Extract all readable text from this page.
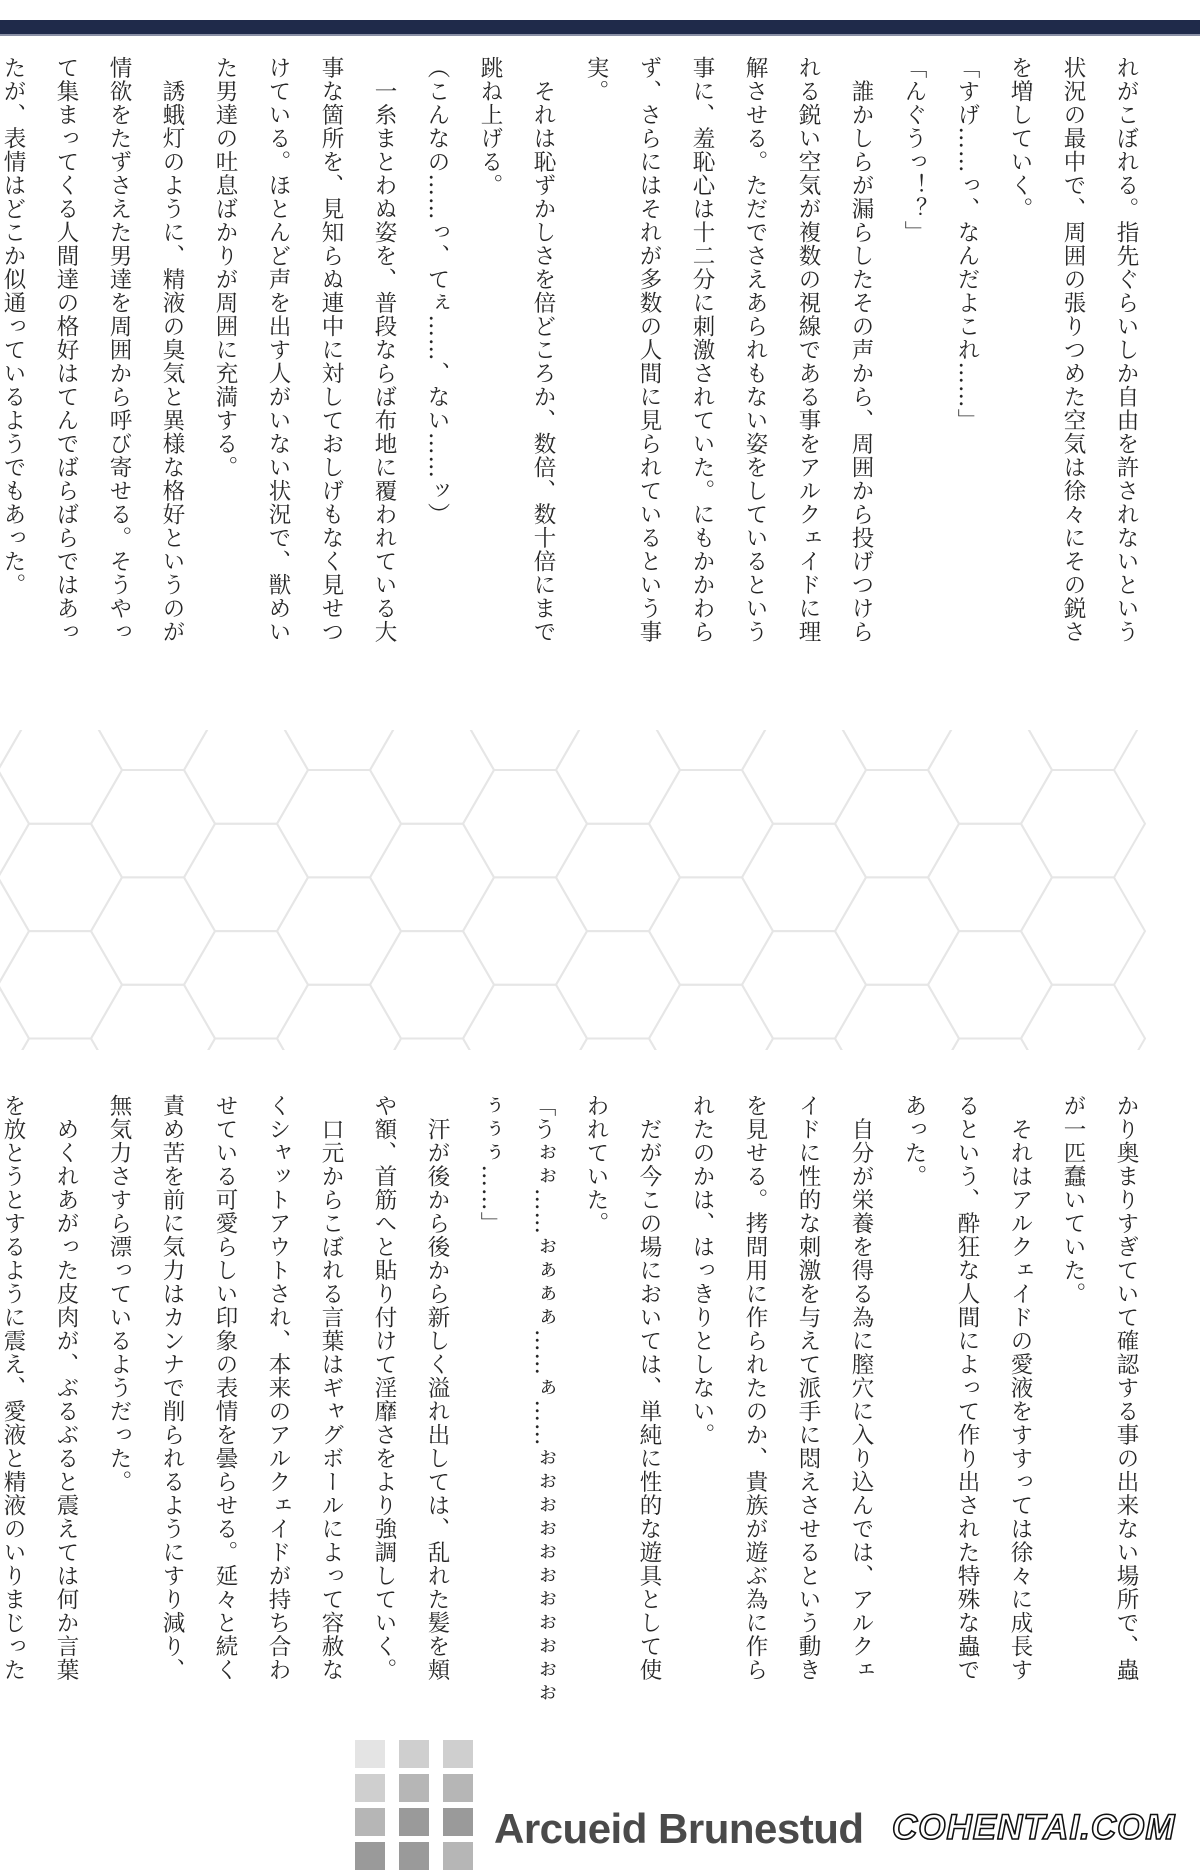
れがこぼれる。指先ぐらいしか自由を許されないという
状況の最中で、周囲の張りつめた空気は徐々にその鋭さ
を増していく。
「すげ……っ、なんだよこれ……」
「んぐうっ！？」
　誰かしらが漏らしたその声から、周囲から投げつけら
れる鋭い空気が複数の視線である事をアルクェイドに理
解させる。ただでさえあられもない姿をしているという
事に、羞恥心は十二分に刺激されていた。にもかかわら
ず、さらにはそれが多数の人間に見られているという事
実。
　それは恥ずかしさを倍どころか、数倍、数十倍にまで
跳ね上げる。
（こんなの……っ、てぇ……、ない……ッ）
　一糸まとわぬ姿を、普段ならば布地に覆われている大
事な箇所を、見知らぬ連中に対しておしげもなく見せつ
けている。ほとんど声を出す人がいない状況で、獣めい
た男達の吐息ばかりが周囲に充満する。
　誘蛾灯のように、精液の臭気と異様な格好というのが
情欲をたずさえた男達を周囲から呼び寄せる。そうやっ
て集まってくる人間達の格好はてんでばらばらではあっ
たが、表情はどこか似通っているようでもあった。
かり奥まりすぎていて確認する事の出来ない場所で、蟲
が一匹蠢いていた。
　それはアルクェイドの愛液をすすっては徐々に成長す
るという、酔狂な人間によって作り出された特殊な蟲で
あった。
　自分が栄養を得る為に膣穴に入り込んでは、アルクェ
イドに性的な刺激を与えて派手に悶えさせるという動き
を見せる。拷問用に作られたのか、貴族が遊ぶ為に作ら
れたのかは、はっきりとしない。
　だが今この場においては、単純に性的な遊具として使
われていた。
「うぉぉ……ぉぁぁぁ……ぁ……ぉぉぉぉぉぉぉぉぉぉぉ
ぅぅぅ……」
　汗が後から後から新しく溢れ出しては、乱れた髪を頬
や額、首筋へと貼り付けて淫靡さをより強調していく。
　口元からこぼれる言葉はギャグボールによって容赦な
くシャットアウトされ、本来のアルクェイドが持ち合わ
せている可愛らしい印象の表情を曇らせる。延々と続く
責め苦を前に気力はカンナで削られるようにすり減り、
無気力さすら漂っているようだった。
　めくれあがった皮肉が、ぶるぶると震えては何か言葉
を放とうとするように震え、愛液と精液のいりまじった
Arcueid Brunestud COHENTAI.COM
